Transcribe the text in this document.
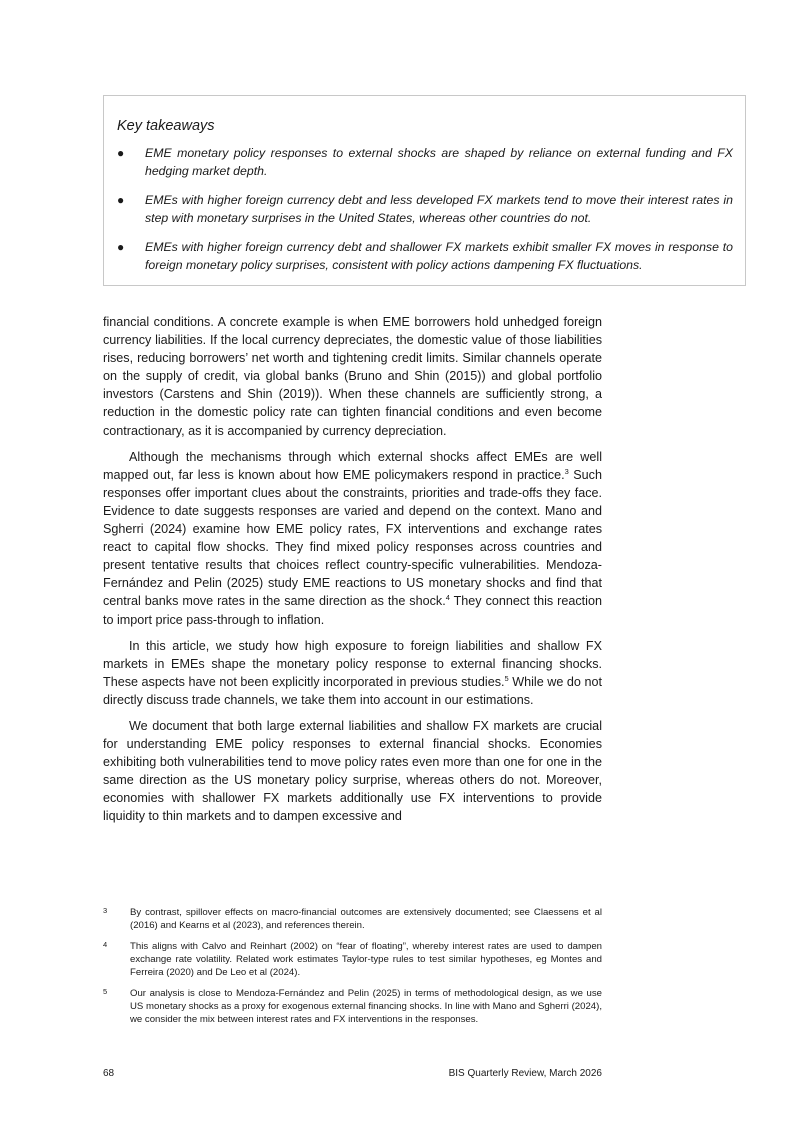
Key takeaways
● EME monetary policy responses to external shocks are shaped by reliance on external funding and FX hedging market depth.
● EMEs with higher foreign currency debt and less developed FX markets tend to move their interest rates in step with monetary surprises in the United States, whereas other countries do not.
● EMEs with higher foreign currency debt and shallower FX markets exhibit smaller FX moves in response to foreign monetary policy surprises, consistent with policy actions dampening FX fluctuations.

financial conditions. A concrete example is when EME borrowers hold unhedged foreign currency liabilities. If the local currency depreciates, the domestic value of those liabilities rises, reducing borrowers’ net worth and tightening credit limits. Similar channels operate on the supply of credit, via global banks (Bruno and Shin (2015)) and global portfolio investors (Carstens and Shin (2019)). When these channels are sufficiently strong, a reduction in the domestic policy rate can tighten financial conditions and even become contractionary, as it is accompanied by currency depreciation.

Although the mechanisms through which external shocks affect EMEs are well mapped out, far less is known about how EME policymakers respond in practice.$^3$ Such responses offer important clues about the constraints, priorities and trade-offs they face. Evidence to date suggests responses are varied and depend on the context. Mano and Sgherri (2024) examine how EME policy rates, FX interventions and exchange rates react to capital flow shocks. They find mixed policy responses across countries and present tentative results that choices reflect country-specific vulnerabilities. Mendoza-Fernández and Pelin (2025) study EME reactions to US monetary shocks and find that central banks move rates in the same direction as the shock.$^4$ They connect this reaction to import price pass-through to inflation.

In this article, we study how high exposure to foreign liabilities and shallow FX markets in EMEs shape the monetary policy response to external financing shocks. These aspects have not been explicitly incorporated in previous studies.$^5$ While we do not directly discuss trade channels, we take them into account in our estimations.

We document that both large external liabilities and shallow FX markets are crucial for understanding EME policy responses to external financial shocks. Economies exhibiting both vulnerabilities tend to move policy rates even more than one for one in the same direction as the US monetary policy surprise, whereas others do not. Moreover, economies with shallower FX markets additionally use FX interventions to provide liquidity to thin markets and to dampen excessive and

3 By contrast, spillover effects on macro-financial outcomes are extensively documented; see Claessens et al (2016) and Kearns et al (2023), and references therein.
4 This aligns with Calvo and Reinhart (2002) on “fear of floating”, whereby interest rates are used to dampen exchange rate volatility. Related work estimates Taylor-type rules to test similar hypotheses, eg Montes and Ferreira (2020) and De Leo et al (2024).
5 Our analysis is close to Mendoza-Fernández and Pelin (2025) in terms of methodological design, as we use US monetary shocks as a proxy for exogenous external financing shocks. In line with Mano and Sgherri (2024), we consider the mix between interest rates and FX interventions in the responses.
68	BIS Quarterly Review, March 2026
